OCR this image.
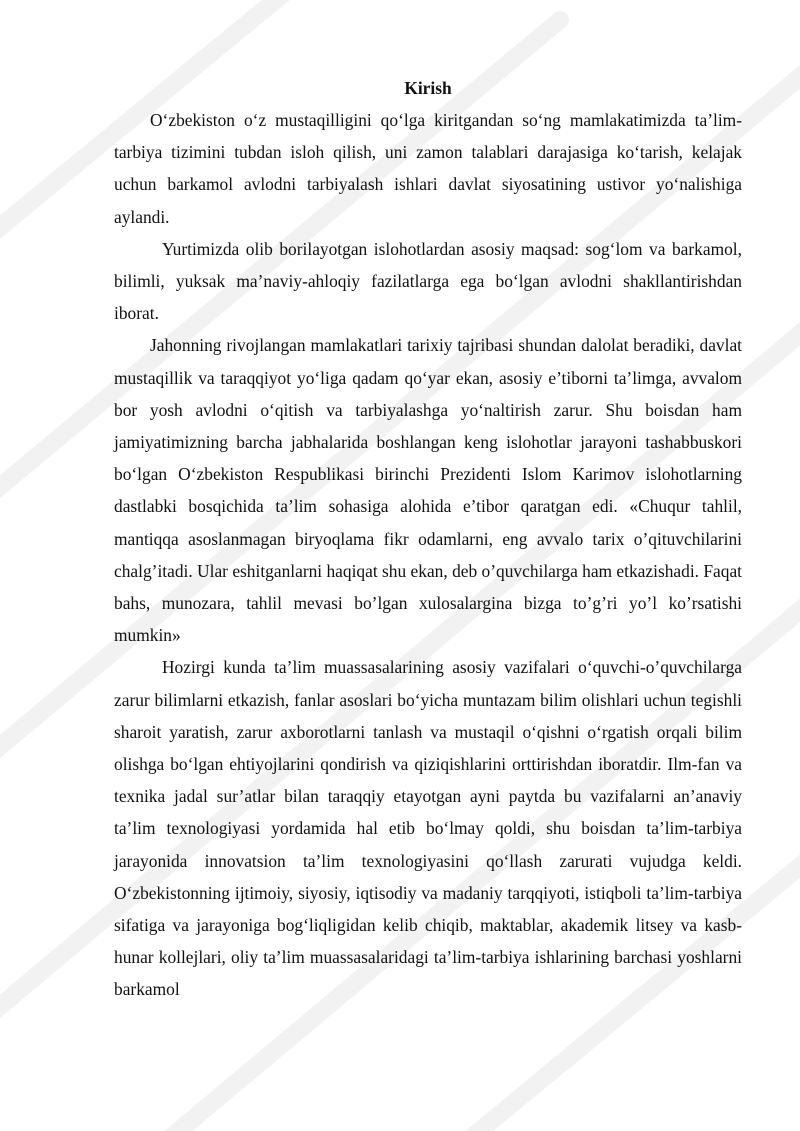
Kirish

O‘zbekiston o‘z mustaqilligini qo‘lga kiritgandan so‘ng mamlakatimizda ta’lim-tarbiya tizimini tubdan isloh qilish, uni zamon talablari darajasiga ko‘tarish, kelajak uchun barkamol avlodni tarbiyalash ishlari davlat siyosatining ustivor yo‘nalishiga aylandi.

Yurtimizda olib borilayotgan islohotlardan asosiy maqsad: sog‘lom va barkamol, bilimli, yuksak ma’naviy-ahloqiy fazilatlarga ega bo‘lgan avlodni shakllantirishdan iborat.

Jahonning rivojlangan mamlakatlari tarixiy tajribasi shundan dalolat beradiki, davlat mustaqillik va taraqqiyot yo‘liga qadam qo‘yar ekan, asosiy e’tiborni ta’limga, avvalom bor yosh avlodni o‘qitish va tarbiyalashga yo‘naltirish zarur. Shu boisdan ham jamiyatimizning barcha jabhalarida boshlangan keng islohotlar jarayoni tashabbuskori bo‘lgan O‘zbekiston Respublikasi birinchi Prezidenti Islom Karimov islohotlarning dastlabki bosqichida ta’lim sohasiga alohida e’tibor qaratgan edi. «Chuqur tahlil, mantiqqa asoslanmagan biryoqlama fikr odamlarni, eng avvalo tarix o’qituvchilarini chalg’itadi. Ular eshitganlarni haqiqat shu ekan, deb o’quvchilarga ham etkazishadi. Faqat bahs, munozara, tahlil mevasi bo’lgan xulosalargina bizga to’g’ri yo’l ko’rsatishi mumkin»

Hozirgi kunda ta’lim muassasalarining asosiy vazifalari o‘quvchi-o’quvchilarga zarur bilimlarni etkazish, fanlar asoslari bo‘yicha muntazam bilim olishlari uchun tegishli sharoit yaratish, zarur axborotlarni tanlash va mustaqil o‘qishni o‘rgatish orqali bilim olishga bo‘lgan ehtiyojlarini qondirish va qiziqishlarini orttirishdan iboratdir. Ilm-fan va texnika jadal sur’atlar bilan taraqqiy etayotgan ayni paytda bu vazifalarni an’anaviy ta’lim texnologiyasi yordamida hal etib bo‘lmay qoldi, shu boisdan ta’lim-tarbiya jarayonida innovatsion ta’lim texnologiyasini qo‘llash zarurati vujudga keldi. O‘zbekistonning ijtimoiy, siyosiy, iqtisodiy va madaniy tarqqiyoti, istiqboli ta’lim-tarbiya sifatiga va jarayoniga bog‘liqligidan kelib chiqib, maktablar, akademik litsey va kasb-hunar kollejlari, oliy ta’lim muassasalaridagi ta’lim-tarbiya ishlarining barchasi yoshlarni barkamol
